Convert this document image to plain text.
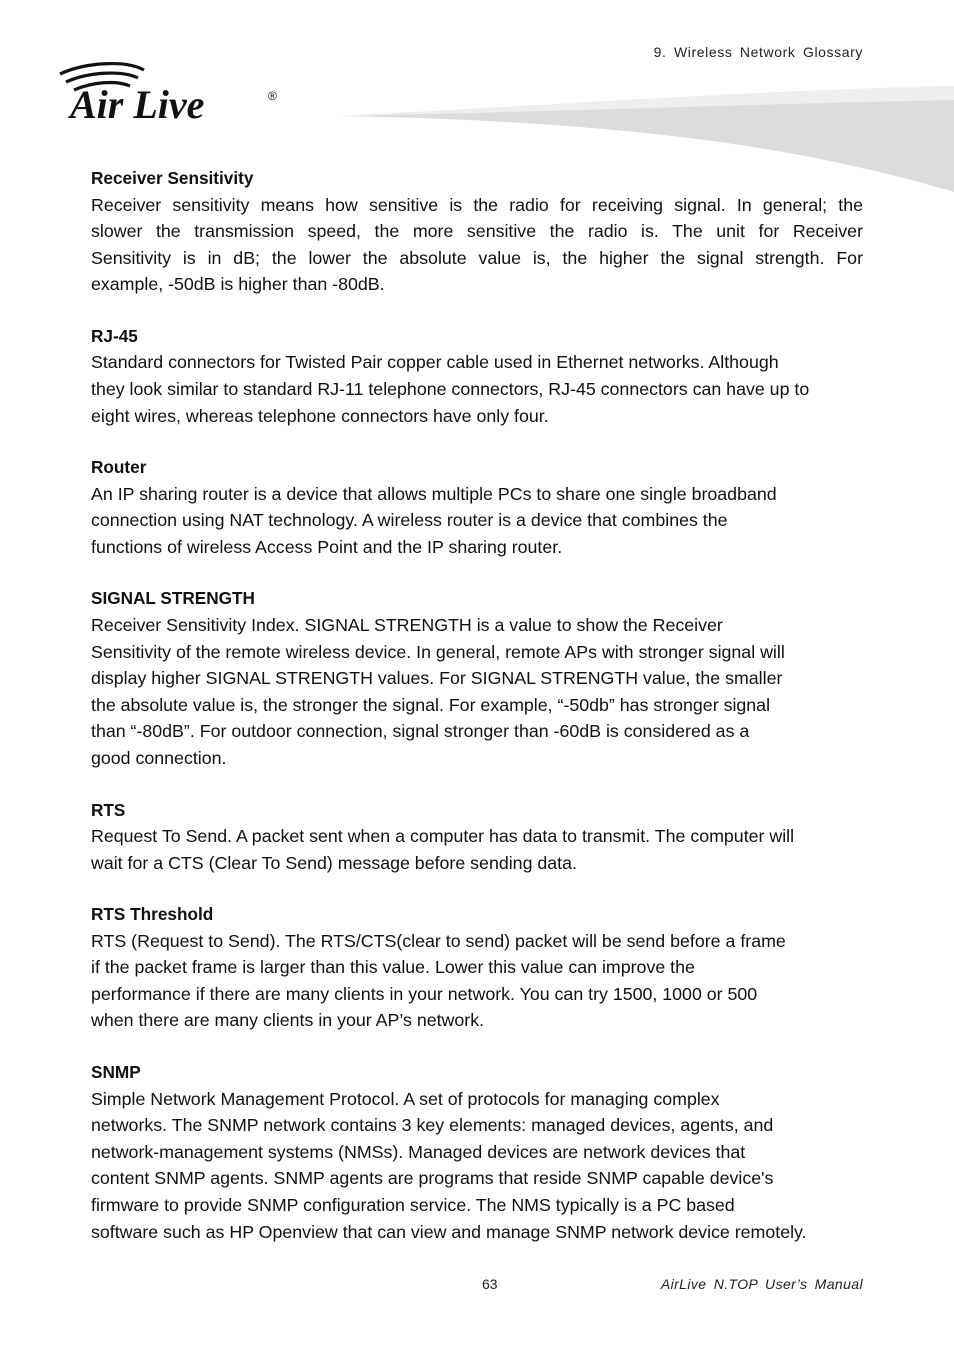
Air Live	®
9. Wireless Network Glossary
Receiver Sensitivity
Receiver sensitivity means how sensitive is the radio for receiving signal. In general; the
slower the transmission speed, the more sensitive the radio is. The unit for Receiver
Sensitivity is in dB; the lower the absolute value is, the higher the signal strength. For
example, -50dB is higher than -80dB.
RJ-45
Standard connectors for Twisted Pair copper cable used in Ethernet networks. Although
they look similar to standard RJ-11 telephone connectors, RJ-45 connectors can have up to
eight wires, whereas telephone connectors have only four.
Router
An IP sharing router is a device that allows multiple PCs to share one single broadband
connection using NAT technology. A wireless router is a device that combines the
functions of wireless Access Point and the IP sharing router.
SIGNAL STRENGTH
Receiver Sensitivity Index. SIGNAL STRENGTH is a value to show the Receiver
Sensitivity of the remote wireless device. In general, remote APs with stronger signal will
display higher SIGNAL STRENGTH values. For SIGNAL STRENGTH value, the smaller
the absolute value is, the stronger the signal. For example, “-50db” has stronger signal
than “-80dB”. For outdoor connection, signal stronger than -60dB is considered as a
good connection.
RTS
Request To Send. A packet sent when a computer has data to transmit. The computer will
wait for a CTS (Clear To Send) message before sending data.
RTS Threshold
RTS (Request to Send). The RTS/CTS(clear to send) packet will be send before a frame
if the packet frame is larger than this value. Lower this value can improve the
performance if there are many clients in your network. You can try 1500, 1000 or 500
when there are many clients in your AP’s network.
SNMP
Simple Network Management Protocol. A set of protocols for managing complex
networks. The SNMP network contains 3 key elements: managed devices, agents, and
network-management systems (NMSs). Managed devices are network devices that
content SNMP agents. SNMP agents are programs that reside SNMP capable device's
firmware to provide SNMP configuration service. The NMS typically is a PC based
software such as HP Openview that can view and manage SNMP network device remotely.
63	AirLive N.TOP User’s Manual
